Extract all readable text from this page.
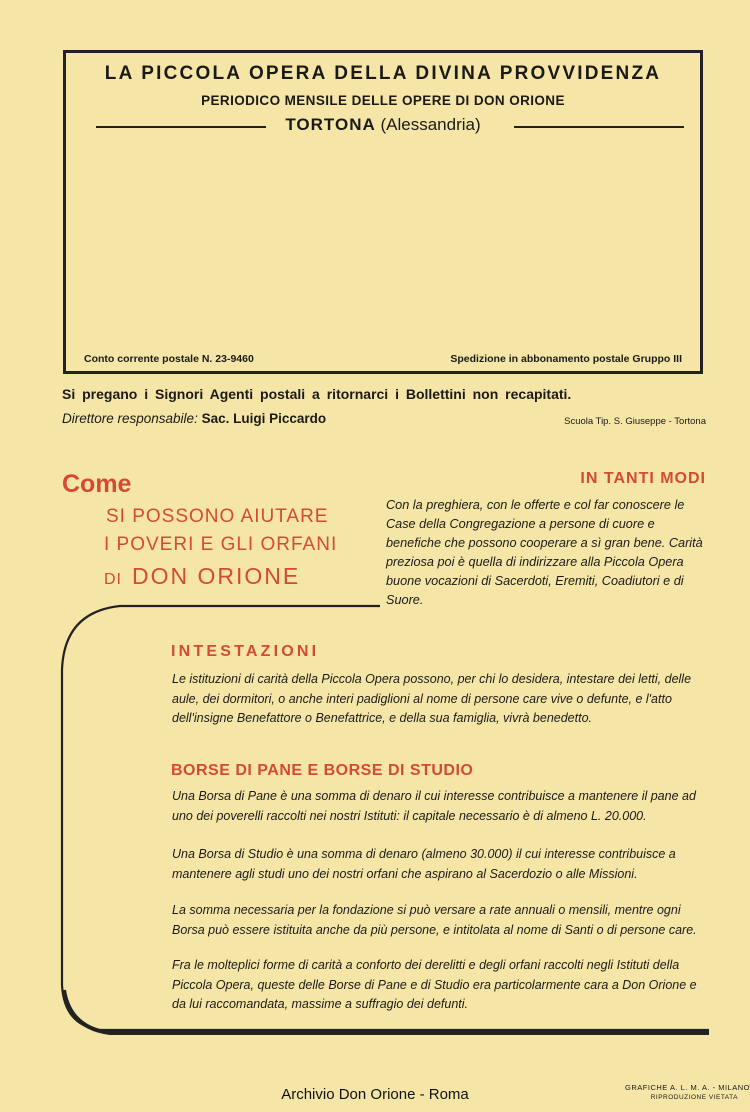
LA PICCOLA OPERA DELLA DIVINA PROVVIDENZA
PERIODICO MENSILE DELLE OPERE DI DON ORIONE
TORTONA (Alessandria)
Conto corrente postale N. 23-9460	Spedizione in abbonamento postale Gruppo III
Si pregano i Signori Agenti postali a ritornarci i Bollettini non recapitati.
Direttore responsabile: Sac. Luigi Piccardo	Scuola Tip. S. Giuseppe - Tortona
Come
SI POSSONO AIUTARE
I POVERI E GLI ORFANI
DI DON ORIONE
IN TANTI MODI
Con la preghiera, con le offerte e col far conoscere le Case della Congregazione a persone di cuore e benefiche che possono cooperare a sì gran bene. Carità preziosa poi è quella di indirizzare alla Piccola Opera buone vocazioni di Sacerdoti, Eremiti, Coadiutori e di Suore.
INTESTAZIONI
Le istituzioni di carità della Piccola Opera possono, per chi lo desidera, intestare dei letti, delle aule, dei dormitori, o anche interi padiglioni al nome di persone care vive o defunte, e l'atto dell'insigne Benefattore o Benefattrice, e della sua famiglia, vivrà benedetto.
BORSE DI PANE E BORSE DI STUDIO
Una Borsa di Pane è una somma di denaro il cui interesse contribuisce a mantenere il pane ad uno dei poverelli raccolti nei nostri Istituti: il capitale necessario è di almeno L. 20.000.
Una Borsa di Studio è una somma di denaro (almeno 30.000) il cui interesse contribuisce a mantenere agli studi uno dei nostri orfani che aspirano al Sacerdozio o alle Missioni.
La somma necessaria per la fondazione si può versare a rate annuali o mensili, mentre ogni Borsa può essere istituita anche da più persone, e intitolata al nome di Santi o di persone care.
Fra le molteplici forme di carità a conforto dei derelitti e degli orfani raccolti negli Istituti della Piccola Opera, queste delle Borse di Pane e di Studio era particolarmente cara a Don Orione e da lui raccomandata, massime a suffragio dei defunti.
Archivio Don Orione - Roma	GRAFICHE A. L. M. A. - MILANO
RIPRODUZIONE VIETATA
